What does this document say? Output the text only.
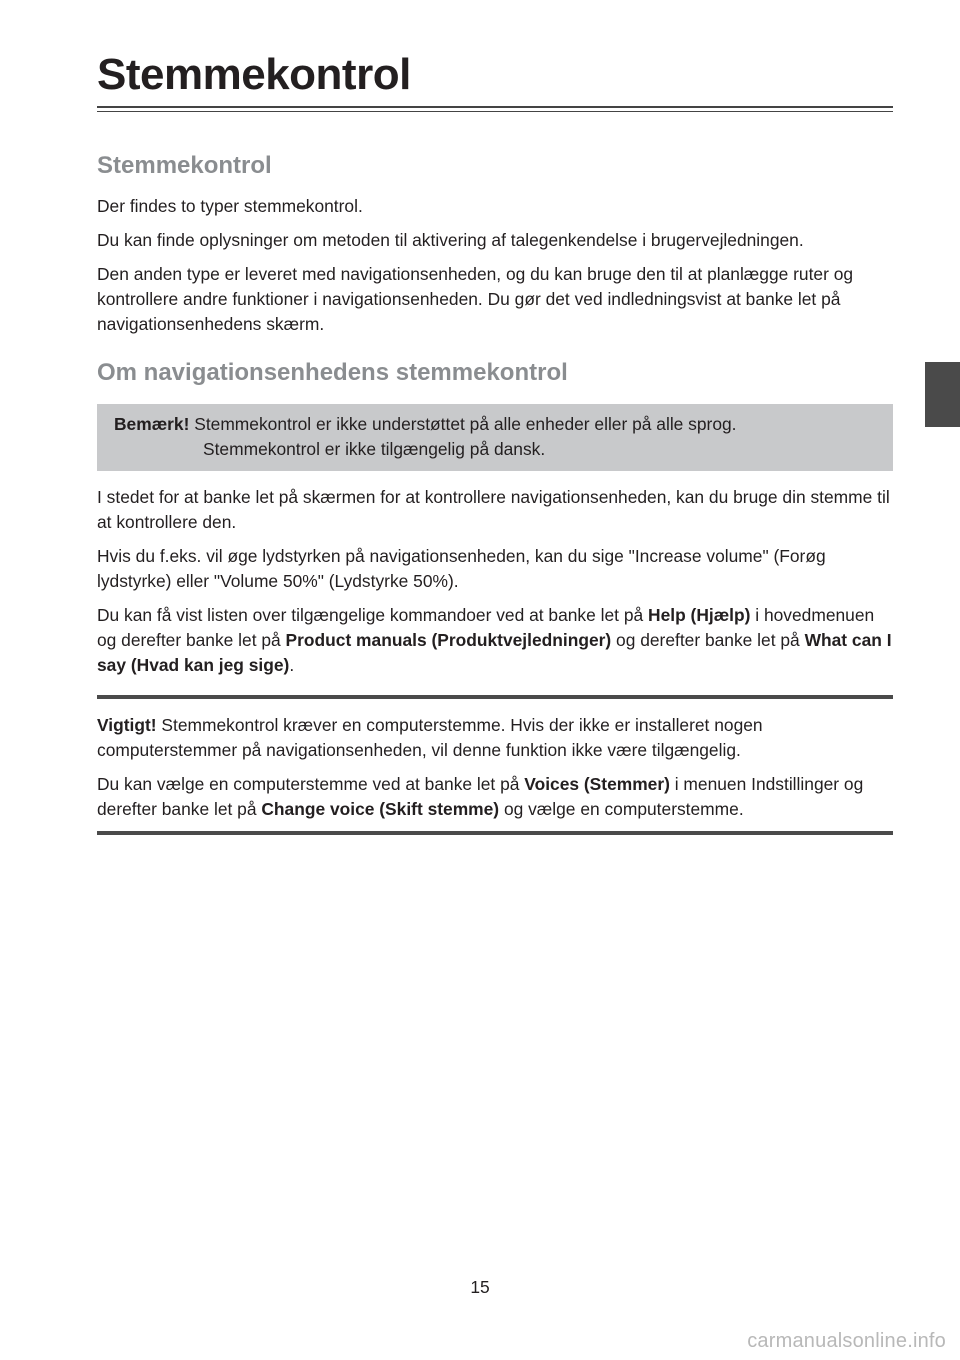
Stemmekontrol
Stemmekontrol

Der findes to typer stemmekontrol.

Du kan finde oplysninger om metoden til aktivering af talegenkendelse i brugervejledningen.

Den anden type er leveret med navigationsenheden, og du kan bruge den til at planlægge ruter og kontrollere andre funktioner i navigationsenheden. Du gør det ved indledningsvist at banke let på navigationsenhedens skærm.

Om navigationsenhedens stemmekontrol
Bemærk! Stemmekontrol er ikke understøttet på alle enheder eller på alle sprog.
Stemmekontrol er ikke tilgængelig på dansk.

I stedet for at banke let på skærmen for at kontrollere navigationsenheden, kan du bruge din stemme til at kontrollere den.

Hvis du f.eks. vil øge lydstyrken på navigationsenheden, kan du sige "Increase volume" (Forøg lydstyrke) eller "Volume 50%" (Lydstyrke 50%).

Du kan få vist listen over tilgængelige kommandoer ved at banke let på Help (Hjælp) i hovedmenuen og derefter banke let på Product manuals (Produktvejledninger) og derefter banke let på What can I say (Hvad kan jeg sige).

Vigtigt! Stemmekontrol kræver en computerstemme. Hvis der ikke er installeret nogen computerstemmer på navigationsenheden, vil denne funktion ikke være tilgængelig.

Du kan vælge en computerstemme ved at banke let på Voices (Stemmer) i menuen Indstillinger og derefter banke let på Change voice (Skift stemme) og vælge en computerstemme.

15
carmanualsonline.info
